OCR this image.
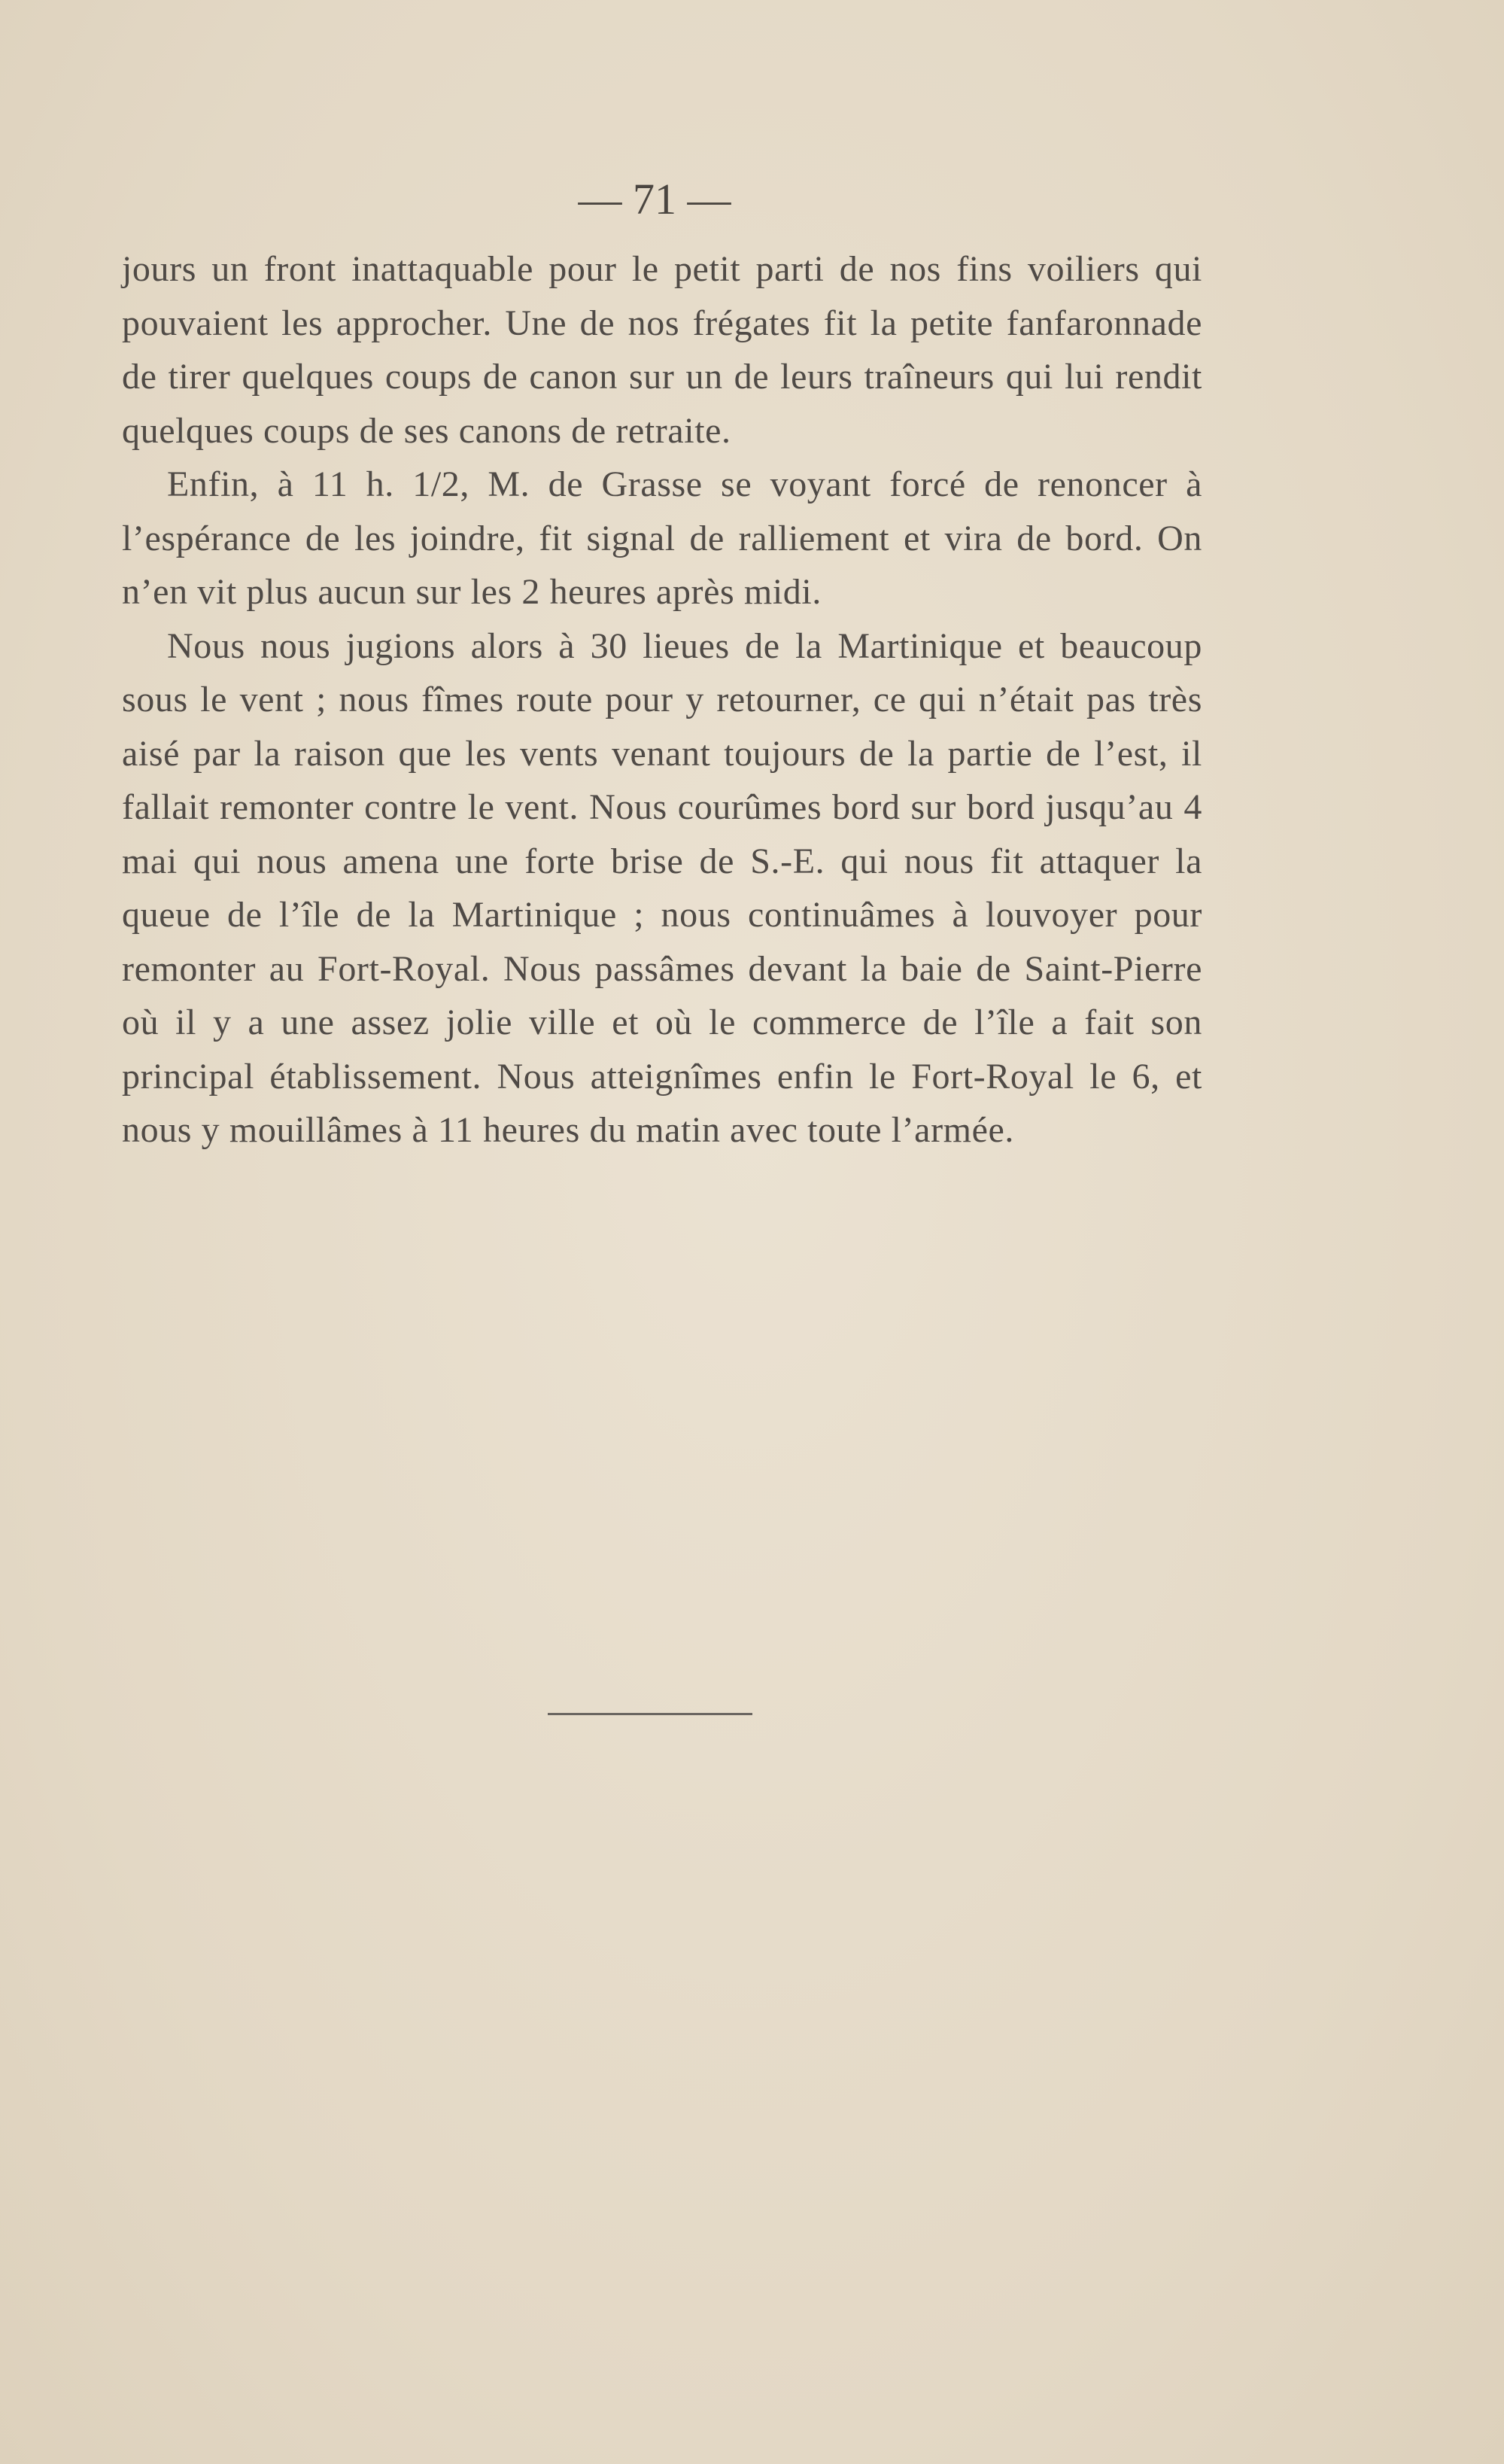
— 71 —

jours un front inattaquable pour le petit parti de nos fins voiliers qui pouvaient les approcher. Une de nos frégates fit la petite fanfaronnade de tirer quelques coups de canon sur un de leurs traîneurs qui lui rendit quelques coups de ses canons de retraite.

Enfin, à 11 h. 1/2, M. de Grasse se voyant forcé de renoncer à l’espérance de les joindre, fit signal de ralliement et vira de bord. On n’en vit plus aucun sur les 2 heures après midi.

Nous nous jugions alors à 30 lieues de la Martinique et beaucoup sous le vent ; nous fîmes route pour y retourner, ce qui n’était pas très aisé par la raison que les vents venant toujours de la partie de l’est, il fallait remonter contre le vent. Nous courûmes bord sur bord jusqu’au 4 mai qui nous amena une forte brise de S.-E. qui nous fit attaquer la queue de l’île de la Martinique ; nous continuâmes à louvoyer pour remonter au Fort-Royal. Nous passâmes devant la baie de Saint-Pierre où il y a une assez jolie ville et où le commerce de l’île a fait son principal établissement. Nous atteignîmes enfin le Fort-Royal le 6, et nous y mouillâmes à 11 heures du matin avec toute l’armée.
